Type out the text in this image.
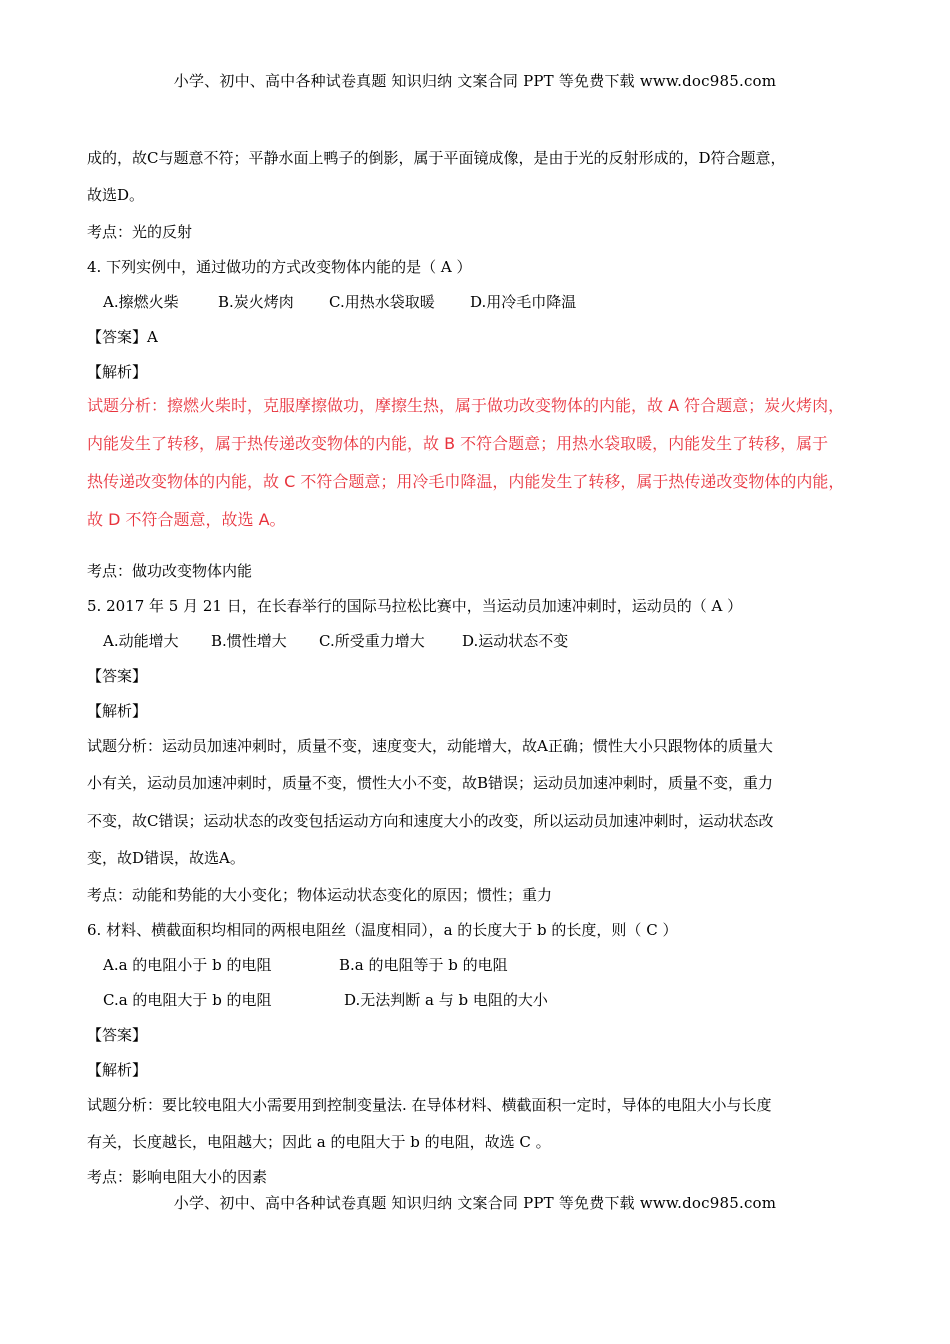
小学、初中、高中各种试卷真题 知识归纳 文案合同 PPT 等免费下载 www.doc985.com
成的，故C与题意不符；平静水面上鸭子的倒影，属于平面镜成像，是由于光的反射形成的，D符合题意，
故选D。
考点：光的反射
4. 下列实例中，通过做功的方式改变物体内能的是（ A ）
A.擦燃火柴	B.炭火烤肉 C.用热水袋取暖 D.用冷毛巾降温
【答案】A
【解析】
试题分析：擦燃火柴时，克服摩擦做功，摩擦生热，属于做功改变物体的内能，故 A 符合题意；炭火烤肉，
内能发生了转移，属于热传递改变物体的内能，故 B 不符合题意；用热水袋取暖，内能发生了转移，属于
热传递改变物体的内能，故 C 不符合题意；用冷毛巾降温，内能发生了转移，属于热传递改变物体的内能，
故 D 不符合题意，故选 A。
考点：做功改变物体内能
5. 2017 年 5 月 21 日，在长春举行的国际马拉松比赛中，当运动员加速冲刺时，运动员的（ A ）
A.动能增大 B.惯性增大 C.所受重力增大 D.运动状态不变
【答案】
【解析】
试题分析：运动员加速冲刺时，质量不变，速度变大，动能增大，故A正确；惯性大小只跟物体的质量大
小有关，运动员加速冲刺时，质量不变，惯性大小不变，故B错误；运动员加速冲刺时，质量不变，重力
不变，故C错误；运动状态的改变包括运动方向和速度大小的改变，所以运动员加速冲刺时，运动状态改
变，故D错误，故选A。
考点：动能和势能的大小变化；物体运动状态变化的原因；惯性；重力
6. 材料、横截面积均相同的两根电阻丝（温度相同），a 的长度大于 b 的长度，则（ C ）
A.a 的电阻小于 b 的电阻	B.a 的电阻等于 b 的电阻
C.a 的电阻大于 b 的电阻	D.无法判断 a 与 b 电阻的大小
【答案】
【解析】
试题分析：要比较电阻大小需要用到控制变量法. 在导体材料、横截面积一定时，导体的电阻大小与长度
有关，长度越长，电阻越大；因此 a 的电阻大于 b 的电阻，故选 C 。
考点：影响电阻大小的因素
小学、初中、高中各种试卷真题 知识归纳 文案合同 PPT 等免费下载 www.doc985.com
